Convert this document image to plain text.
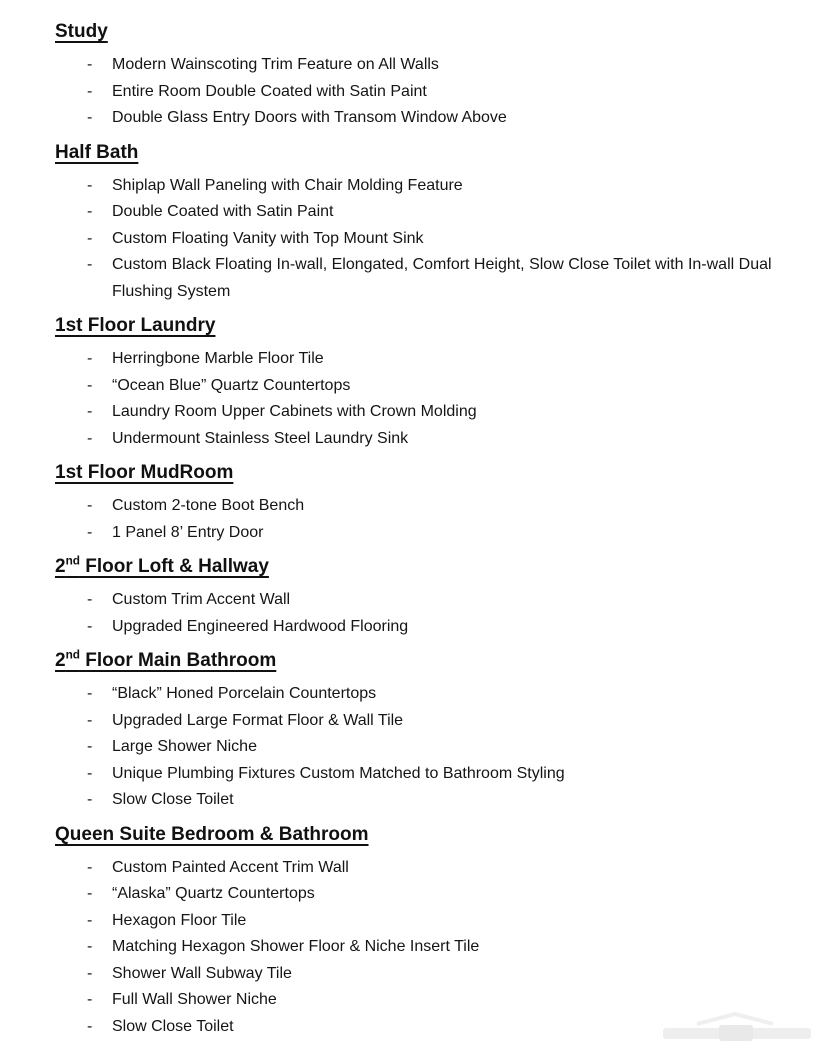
Study
- Modern Wainscoting Trim Feature on All Walls
- Entire Room Double Coated with Satin Paint
- Double Glass Entry Doors with Transom Window Above
Half Bath
- Shiplap Wall Paneling with Chair Molding Feature
- Double Coated with Satin Paint
- Custom Floating Vanity with Top Mount Sink
- Custom Black Floating In-wall, Elongated, Comfort Height, Slow Close Toilet with In-wall Dual Flushing System
1st Floor Laundry
- Herringbone Marble Floor Tile
- “Ocean Blue” Quartz Countertops
- Laundry Room Upper Cabinets with Crown Molding
- Undermount Stainless Steel Laundry Sink
1st Floor MudRoom
- Custom 2-tone Boot Bench
- 1 Panel 8’ Entry Door
2nd Floor Loft & Hallway
- Custom Trim Accent Wall
- Upgraded Engineered Hardwood Flooring
2nd Floor Main Bathroom
- “Black” Honed Porcelain Countertops
- Upgraded Large Format Floor & Wall Tile
- Large Shower Niche
- Unique Plumbing Fixtures Custom Matched to Bathroom Styling
- Slow Close Toilet
Queen Suite Bedroom & Bathroom
- Custom Painted Accent Trim Wall
- “Alaska” Quartz Countertops
- Hexagon Floor Tile
- Matching Hexagon Shower Floor & Niche Insert Tile
- Shower Wall Subway Tile
- Full Wall Shower Niche
- Slow Close Toilet
